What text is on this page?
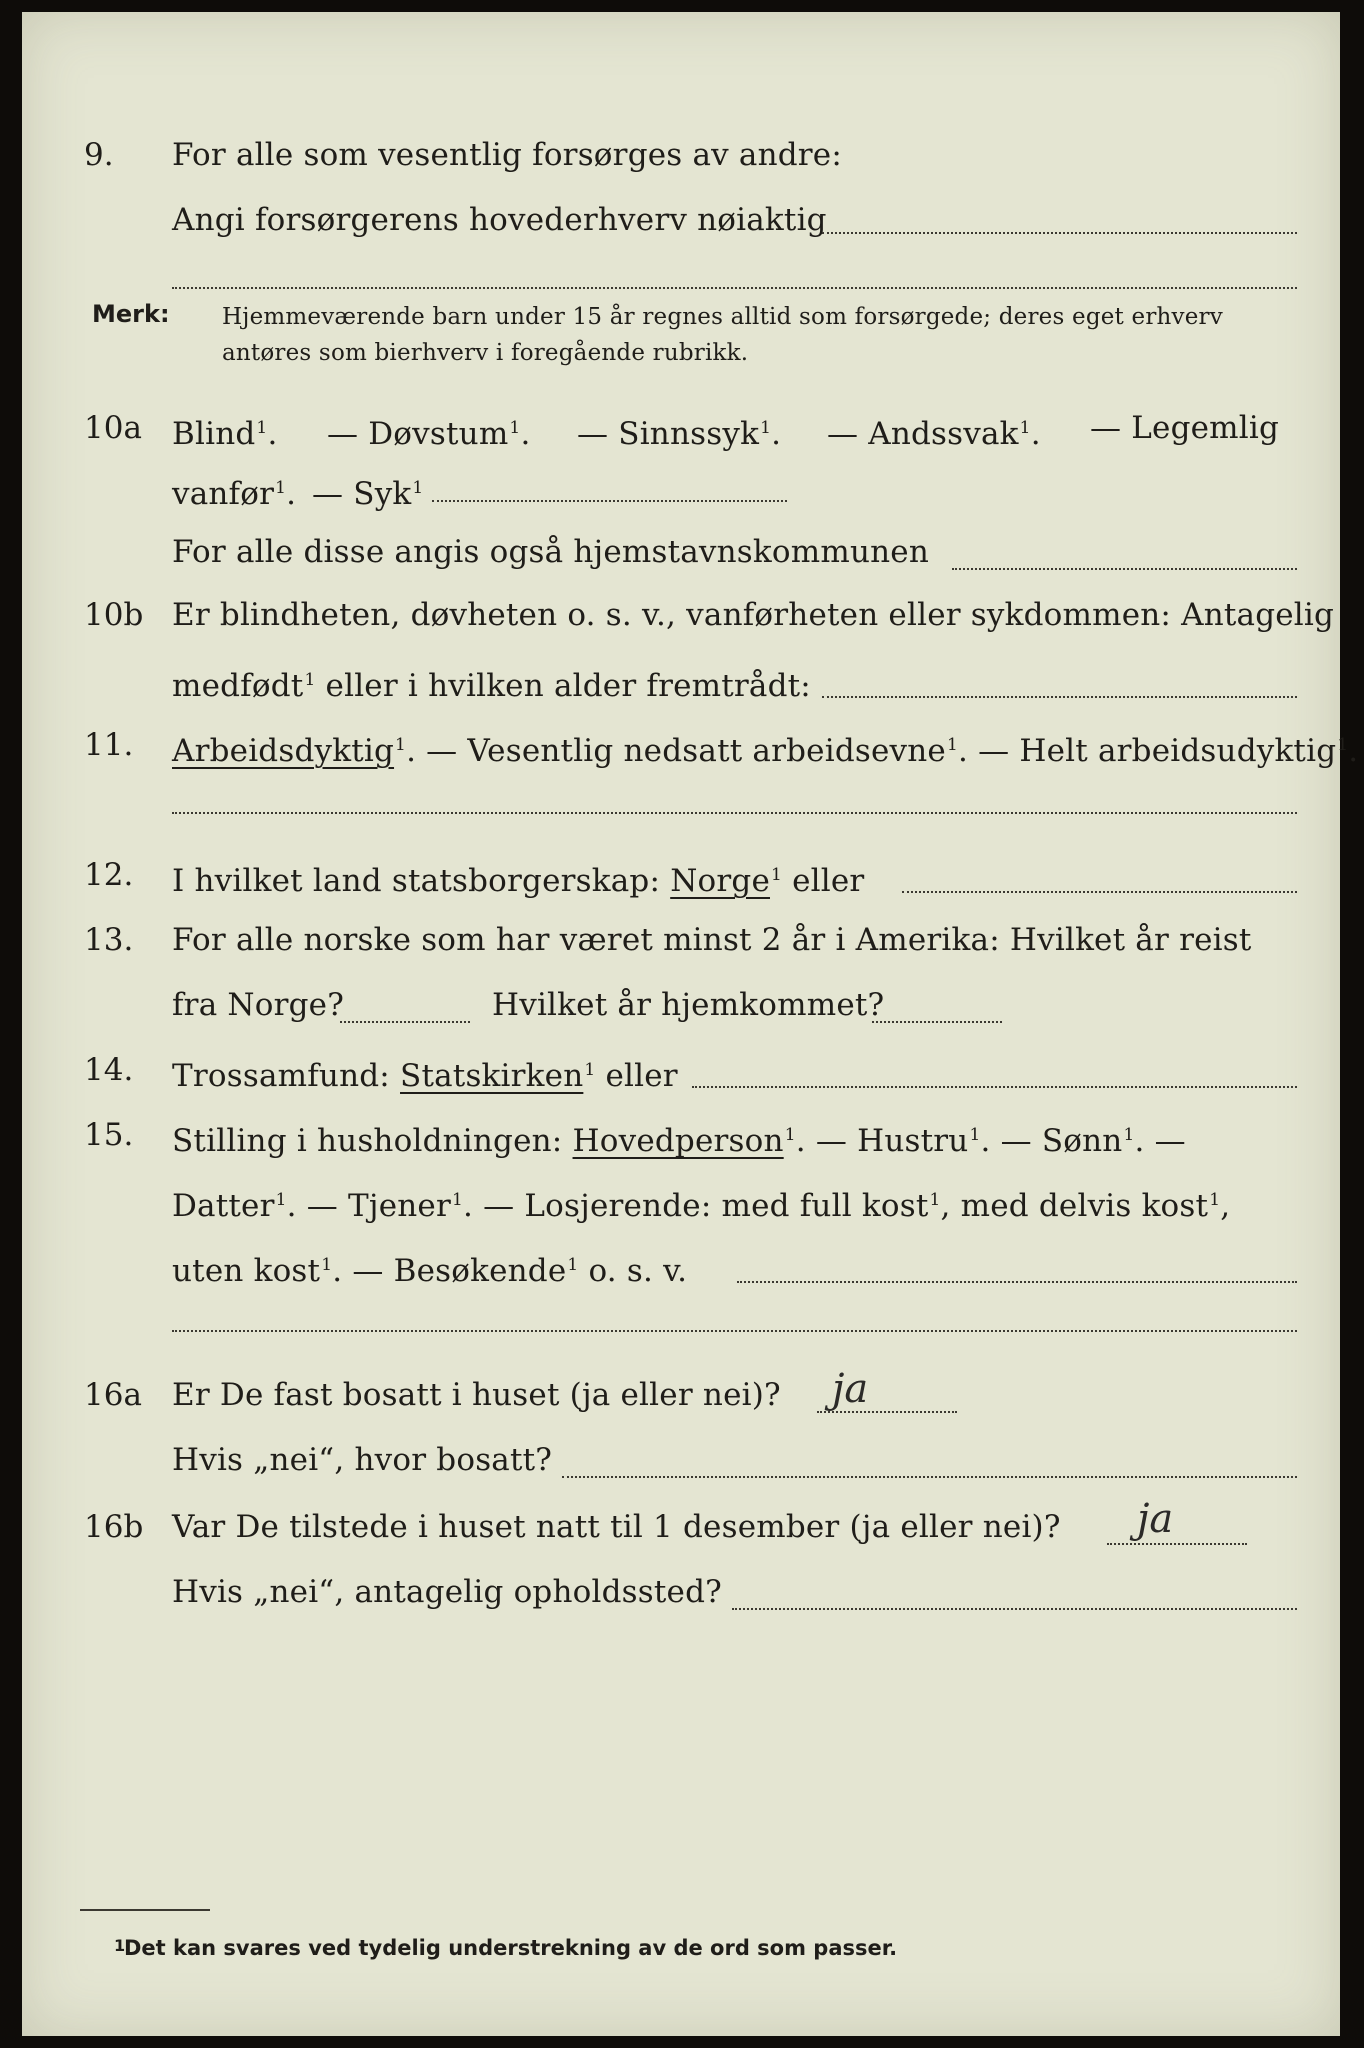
9. For alle som vesentlig forsørges av andre:
Angi forsørgerens hovederhverv nøiaktig
Merk: Hjemmeværende barn under 15 år regnes alltid som forsørgede; deres eget erhverv
antøres som bierhverv i foregående rubrikk.
10a Blind$^1$. — Døvstum$^1$. — Sinnssyk$^1$. — Andssvak$^1$. — Legemlig
vanfør$^1$. — Syk$^1$
For alle disse angis også hjemstavnskommunen
10b Er blindheten, døvheten o. s. v., vanførheten eller sykdommen: Antagelig
medfødt$^1$ eller i hvilken alder fremtrådt:
11. Arbeidsdyktig$^1$. — Vesentlig nedsatt arbeidsevne$^1$. — Helt arbeidsudyktig$^1$.
12. I hvilket land statsborgerskap: Norge$^1$ eller
13. For alle norske som har været minst 2 år i Amerika: Hvilket år reist
fra Norge?	Hvilket år hjemkommet?
14. Trossamfund: Statskirken$^1$ eller
15. Stilling i husholdningen: Hovedperson$^1$. — Hustru$^1$. — Sønn$^1$. —
Datter$^1$. — Tjener$^1$. — Losjerende: med full kost$^1$, med delvis kost$^1$,
uten kost$^1$. — Besøkende$^1$ o. s. v.
16a Er De fast bosatt i huset (ja eller nei)? ja
Hvis „nei“, hvor bosatt?
16b Var De tilstede i huset natt til 1 desember (ja eller nei)? ja
Hvis „nei“, antagelig opholdssted?
1
Det kan svares ved tydelig understrekning av de ord som passer.
